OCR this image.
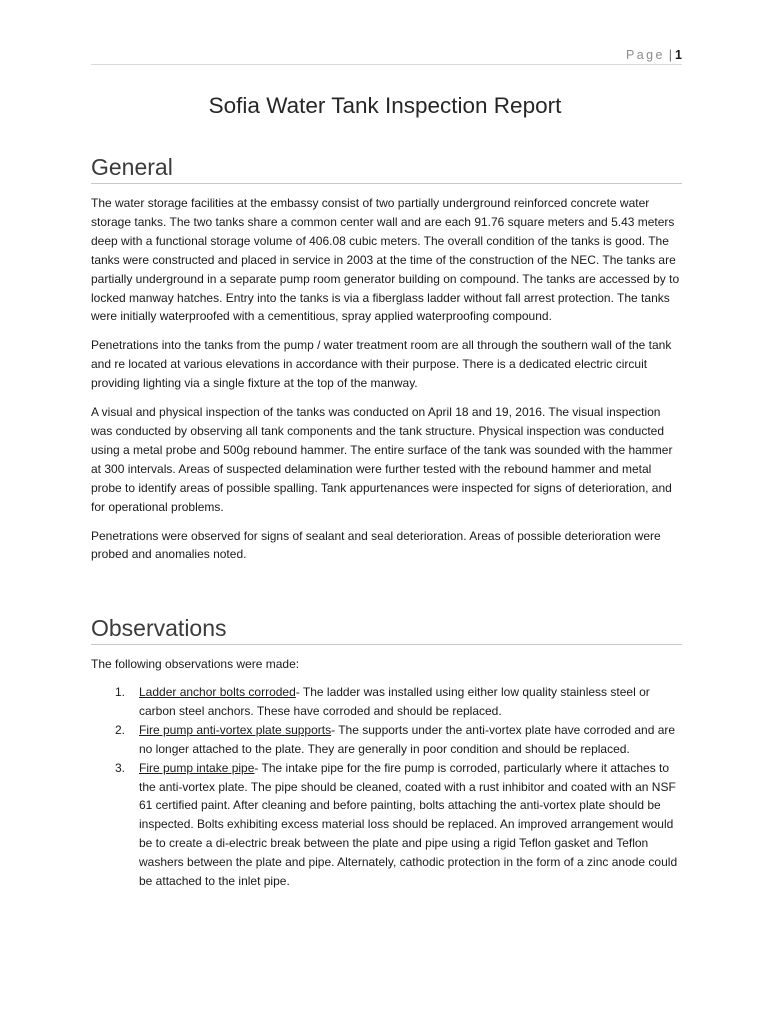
Page | 1
Sofia Water Tank Inspection Report
General

The water storage facilities at the embassy consist of two partially underground reinforced concrete water storage tanks. The two tanks share a common center wall and are each 91.76 square meters and 5.43 meters deep with a functional storage volume of 406.08 cubic meters. The overall condition of the tanks is good. The tanks were constructed and placed in service in 2003 at the time of the construction of the NEC. The tanks are partially underground in a separate pump room generator building on compound. The tanks are accessed by to locked manway hatches. Entry into the tanks is via a fiberglass ladder without fall arrest protection. The tanks were initially waterproofed with a cementitious, spray applied waterproofing compound.

Penetrations into the tanks from the pump / water treatment room are all through the southern wall of the tank and re located at various elevations in accordance with their purpose. There is a dedicated electric circuit providing lighting via a single fixture at the top of the manway.

A visual and physical inspection of the tanks was conducted on April 18 and 19, 2016. The visual inspection was conducted by observing all tank components and the tank structure. Physical inspection was conducted using a metal probe and 500g rebound hammer. The entire surface of the tank was sounded with the hammer at 300 intervals. Areas of suspected delamination were further tested with the rebound hammer and metal probe to identify areas of possible spalling. Tank appurtenances were inspected for signs of deterioration, and for operational problems.

Penetrations were observed for signs of sealant and seal deterioration. Areas of possible deterioration were probed and anomalies noted.

Observations

The following observations were made:

1. Ladder anchor bolts corroded- The ladder was installed using either low quality stainless steel or carbon steel anchors. These have corroded and should be replaced.
2. Fire pump anti-vortex plate supports- The supports under the anti-vortex plate have corroded and are no longer attached to the plate. They are generally in poor condition and should be replaced.
3. Fire pump intake pipe- The intake pipe for the fire pump is corroded, particularly where it attaches to the anti-vortex plate. The pipe should be cleaned, coated with a rust inhibitor and coated with an NSF 61 certified paint. After cleaning and before painting, bolts attaching the anti-vortex plate should be inspected. Bolts exhibiting excess material loss should be replaced. An improved arrangement would be to create a di-electric break between the plate and pipe using a rigid Teflon gasket and Teflon washers between the plate and pipe. Alternately, cathodic protection in the form of a zinc anode could be attached to the inlet pipe.
